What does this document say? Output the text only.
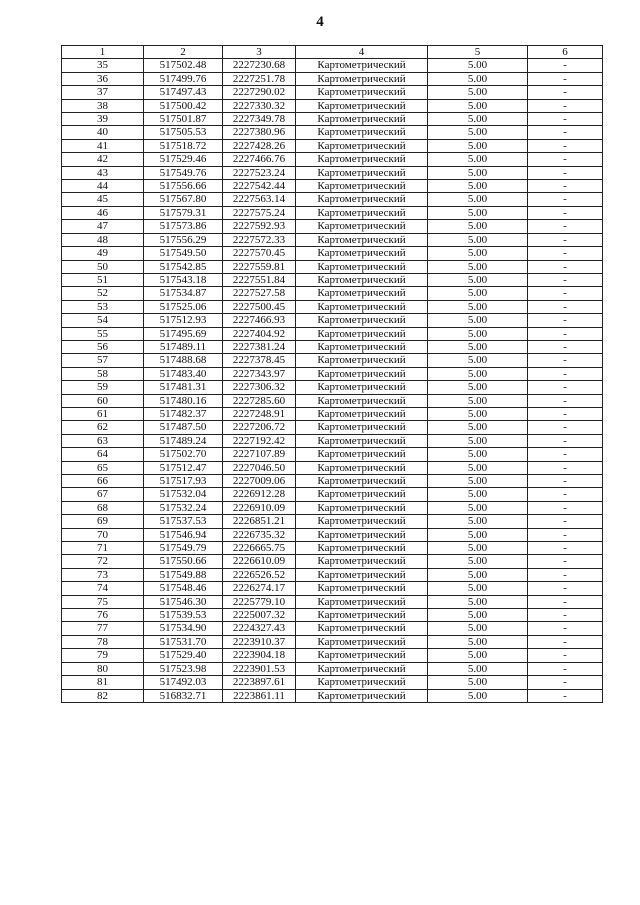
4
1	2	3	4	5	6
35	517502.48	2227230.68	Картометрический	5.00	-
36	517499.76	2227251.78	Картометрический	5.00	-
37	517497.43	2227290.02	Картометрический	5.00	-
38	517500.42	2227330.32	Картометрический	5.00	-
39	517501.87	2227349.78	Картометрический	5.00	-
40	517505.53	2227380.96	Картометрический	5.00	-
41	517518.72	2227428.26	Картометрический	5.00	-
42	517529.46	2227466.76	Картометрический	5.00	-
43	517549.76	2227523.24	Картометрический	5.00	-
44	517556.66	2227542.44	Картометрический	5.00	-
45	517567.80	2227563.14	Картометрический	5.00	-
46	517579.31	2227575.24	Картометрический	5.00	-
47	517573.86	2227592.93	Картометрический	5.00	-
48	517556.29	2227572.33	Картометрический	5.00	-
49	517549.50	2227570.45	Картометрический	5.00	-
50	517542.85	2227559.81	Картометрический	5.00	-
51	517543.18	2227551.84	Картометрический	5.00	-
52	517534.87	2227527.58	Картометрический	5.00	-
53	517525.06	2227500.45	Картометрический	5.00	-
54	517512.93	2227466.93	Картометрический	5.00	-
55	517495.69	2227404.92	Картометрический	5.00	-
56	517489.11	2227381.24	Картометрический	5.00	-
57	517488.68	2227378.45	Картометрический	5.00	-
58	517483.40	2227343.97	Картометрический	5.00	-
59	517481.31	2227306.32	Картометрический	5.00	-
60	517480.16	2227285.60	Картометрический	5.00	-
61	517482.37	2227248.91	Картометрический	5.00	-
62	517487.50	2227206.72	Картометрический	5.00	-
63	517489.24	2227192.42	Картометрический	5.00	-
64	517502.70	2227107.89	Картометрический	5.00	-
65	517512.47	2227046.50	Картометрический	5.00	-
66	517517.93	2227009.06	Картометрический	5.00	-
67	517532.04	2226912.28	Картометрический	5.00	-
68	517532.24	2226910.09	Картометрический	5.00	-
69	517537.53	2226851.21	Картометрический	5.00	-
70	517546.94	2226735.32	Картометрический	5.00	-
71	517549.79	2226665.75	Картометрический	5.00	-
72	517550.66	2226610.09	Картометрический	5.00	-
73	517549.88	2226526.52	Картометрический	5.00	-
74	517548.46	2226274.17	Картометрический	5.00	-
75	517546.30	2225779.10	Картометрический	5.00	-
76	517539.53	2225007.32	Картометрический	5.00	-
77	517534.90	2224327.43	Картометрический	5.00	-
78	517531.70	2223910.37	Картометрический	5.00	-
79	517529.40	2223904.18	Картометрический	5.00	-
80	517523.98	2223901.53	Картометрический	5.00	-
81	517492.03	2223897.61	Картометрический	5.00	-
82	516832.71	2223861.11	Картометрический	5.00	-
